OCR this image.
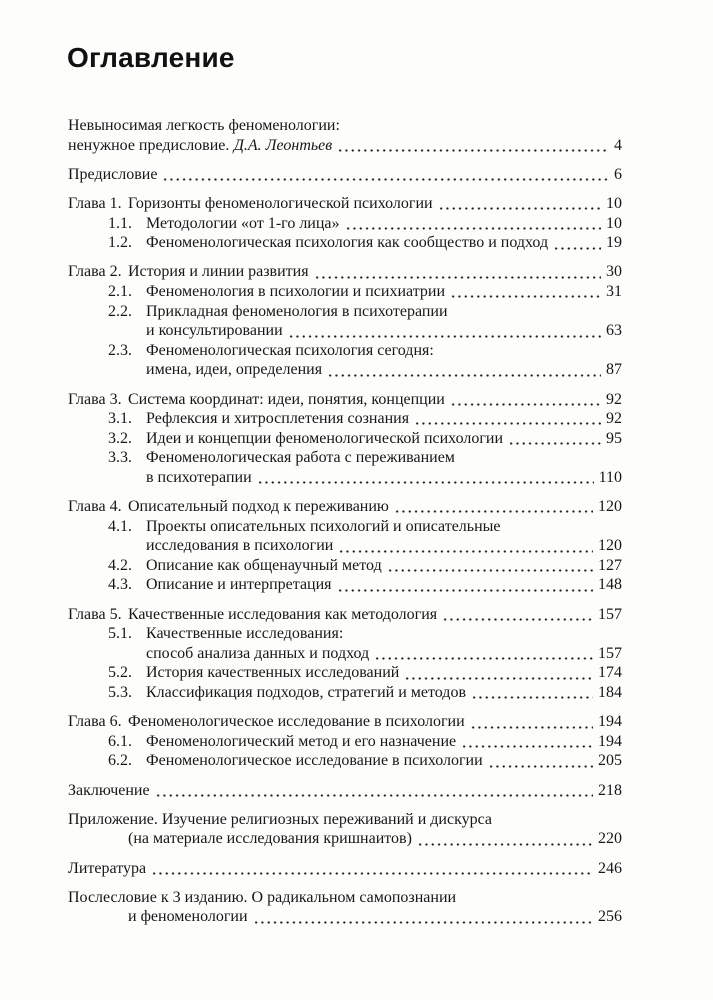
Оглавление
Невыносимая легкость феноменологии:
ненужное предисловие. Д.А. Леонтьев	4
Предисловие	6
Глава 1. Горизонты феноменологической психологии	10
1.1. Методологии «от 1-го лица»	10
1.2. Феноменологическая психология как сообщество и подход	19
Глава 2. История и линии развития	30
2.1. Феноменология в психологии и психиатрии	31
2.2. Прикладная феноменология в психотерапии
и консультировании	63
2.3. Феноменологическая психология сегодня:
имена, идеи, определения	87
Глава 3. Система координат: идеи, понятия, концепции	92
3.1. Рефлексия и хитросплетения сознания	92
3.2. Идеи и концепции феноменологической психологии	95
3.3. Феноменологическая работа с переживанием
в психотерапии	110
Глава 4. Описательный подход к переживанию	120
4.1. Проекты описательных психологий и описательные
исследования в психологии	120
4.2. Описание как общенаучный метод	127
4.3. Описание и интерпретация	148
Глава 5. Качественные исследования как методология	157
5.1. Качественные исследования:
способ анализа данных и подход	157
5.2. История качественных исследований	174
5.3. Классификация подходов, стратегий и методов	184
Глава 6. Феноменологическое исследование в психологии	194
6.1. Феноменологический метод и его назначение	194
6.2. Феноменологическое исследование в психологии	205
Заключение	218
Приложение. Изучение религиозных переживаний и дискурса
(на материале исследования кришнаитов)	220
Литература	246
Послесловие к 3 изданию. О радикальном самопознании
и феноменологии	256
